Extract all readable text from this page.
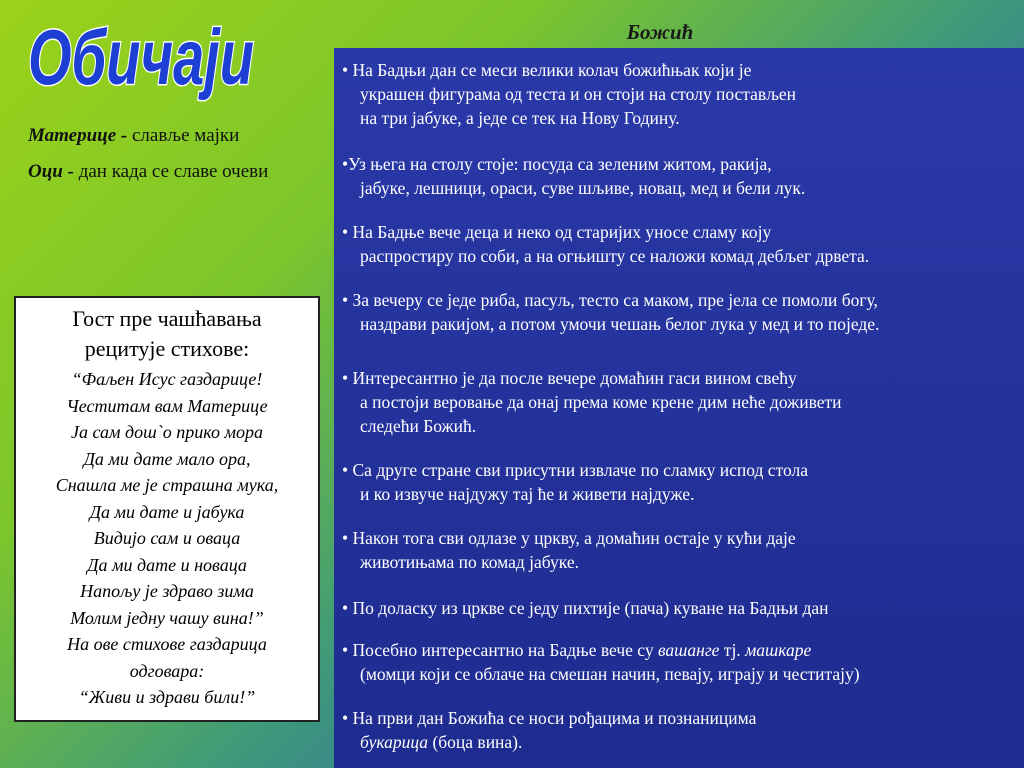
Обичаји	Божић

Материце - слављe мајки

Оци - дан када се славе очеви

Гост пре чашћавања
рецитује стихове:
“Фаљен Исус газдарице!
Честитам вам Материце
Ја сам дош`о прико мора
Да ми дате мало ора,
Снашла ме је страшна мука,
Да ми дате и јабука
Видијо сам и оваца
Да ми дате и новаца
Напољу је здраво зима
Молим једну чашу вина!”
На ове стихове газдарица
одговара:
“Живи и здрави били!”
• На Бадњи дан се меси велики колач божићњак који је
украшен фигурама од теста и он стоји на столу постављен
на три јабуке, а једе се тек на Нову Годину.
•Уз њега на столу стоје: посуда са зеленим житом, ракија,
јабуке, лешници, ораси, суве шљиве, новац, мед и бели лук.
• На Бадње вече деца и неко од старијих уносе сламу коју
распростиру по соби, а на огњишту се наложи комад дебљег дрвета.
• За вечеру се једе риба, пасуљ, тесто са маком, пре јела се помоли богу,
наздрави ракијом, а потом умочи чешањ белог лука у мед и то поједе.
• Интересантно је да после вечере домаћин гаси вином свећу
а постоји веровање да онај према коме крене дим неће доживети
следећи Божић.
• Са друге стране сви присутни извлаче по сламку испод стола
и ко извуче најдужу тај ће и живети најдуже.
• Након тога сви одлазе у цркву, а домаћин остаје у кући даје
животињама по комад јабуке.
• По доласку из цркве се једу пихтије (пача) куване на Бадњи дан
• Посебно интересантно на Бадње вече су вашанге тј. машкаре
(момци који се облаче на смешан начин, певају, играју и честитају)
• На први дан Божића се носи рођацима и познаницима
букарица (боца вина).
